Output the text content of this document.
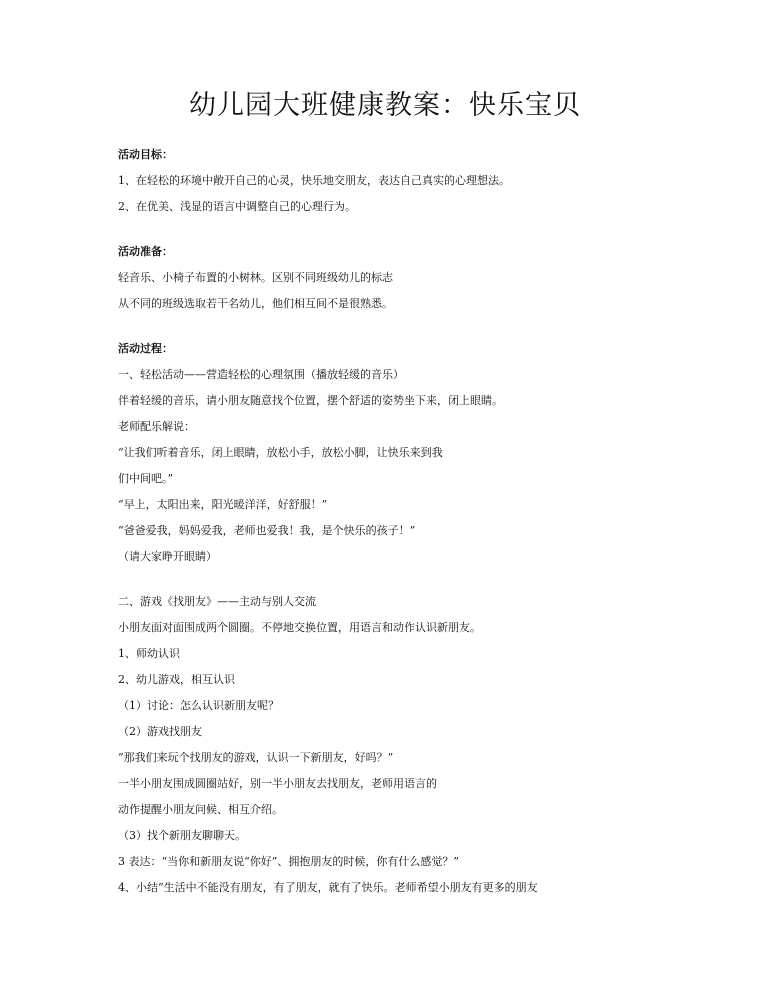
幼儿园大班健康教案：快乐宝贝

活动目标：

1、在轻松的环境中敞开自己的心灵，快乐地交朋友，表达自己真实的心理想法。

2、在优美、浅显的语言中调整自己的心理行为。

活动准备：

轻音乐、小椅子布置的小树林。区别不同班级幼儿的标志

从不同的班级选取若干名幼儿，他们相互间不是很熟悉。

活动过程：

一、轻松活动——营造轻松的心理氛围（播放轻缓的音乐）

伴着轻缓的音乐，请小朋友随意找个位置，摆个舒适的姿势坐下来，闭上眼睛。

老师配乐解说：

“让我们听着音乐，闭上眼睛，放松小手，放松小脚，让快乐来到我

们中间吧。”

“早上，太阳出来，阳光暖洋洋，好舒服！”

“爸爸爱我，妈妈爱我，老师也爱我！我，是个快乐的孩子！”

（请大家睁开眼睛）

二、游戏《找朋友》——主动与别人交流

小朋友面对面围成两个圆圈。不停地交换位置，用语言和动作认识新朋友。

1、师幼认识

2、幼儿游戏，相互认识

（1）讨论：怎么认识新朋友呢？

（2）游戏找朋友

“那我们来玩个找朋友的游戏，认识一下新朋友，好吗？”

一半小朋友围成圆圈站好，别一半小朋友去找朋友，老师用语言的

动作提醒小朋友问候、相互介绍。

（3）找个新朋友聊聊天。

3 表达：“当你和新朋友说“你好”、拥抱朋友的时候，你有什么感觉？”

4、小结“生活中不能没有朋友，有了朋友，就有了快乐。老师希望小朋友有更多的朋友
